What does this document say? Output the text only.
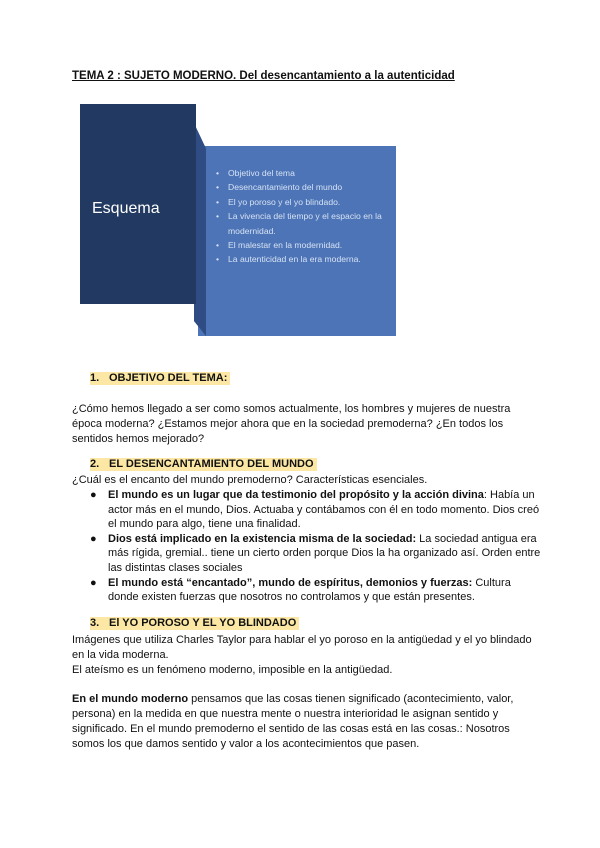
TEMA 2 : SUJETO MODERNO. Del desencantamiento a la autenticidad
Esquema
• Objetivo del tema
• Desencantamiento del mundo
• El yo poroso y el yo blindado.
• La vivencia del tiempo y el espacio en la modernidad.
• El malestar en la modernidad.
• La autenticidad en la era moderna.
1. OBJETIVO DEL TEMA:

¿Cómo hemos llegado a ser como somos actualmente, los hombres y mujeres de nuestra época moderna? ¿Estamos mejor ahora que en la sociedad premoderna? ¿En todos los sentidos hemos mejorado?

2. EL DESENCANTAMIENTO DEL MUNDO

¿Cuál es el encanto del mundo premoderno? Características esenciales.

● El mundo es un lugar que da testimonio del propósito y la acción divina: Había un actor más en el mundo, Dios. Actuaba y contábamos con él en todo momento. Dios creó el mundo para algo, tiene una finalidad.
● Dios está implicado en la existencia misma de la sociedad: La sociedad antigua era más rígida, gremial.. tiene un cierto orden porque Dios la ha organizado así. Orden entre las distintas clases sociales
● El mundo está “encantado”, mundo de espíritus, demonios y fuerzas: Cultura donde existen fuerzas que nosotros no controlamos y que están presentes.
3. El YO POROSO Y EL YO BLINDADO

Imágenes que utiliza Charles Taylor para hablar el yo poroso en la antigüedad y el yo blindado en la vida moderna.

El ateísmo es un fenómeno moderno, imposible en la antigüedad.

En el mundo moderno pensamos que las cosas tienen significado (acontecimiento, valor, persona) en la medida en que nuestra mente o nuestra interioridad le asignan sentido y significado. En el mundo premoderno el sentido de las cosas está en las cosas.: Nosotros somos los que damos sentido y valor a los acontecimientos que pasen.
